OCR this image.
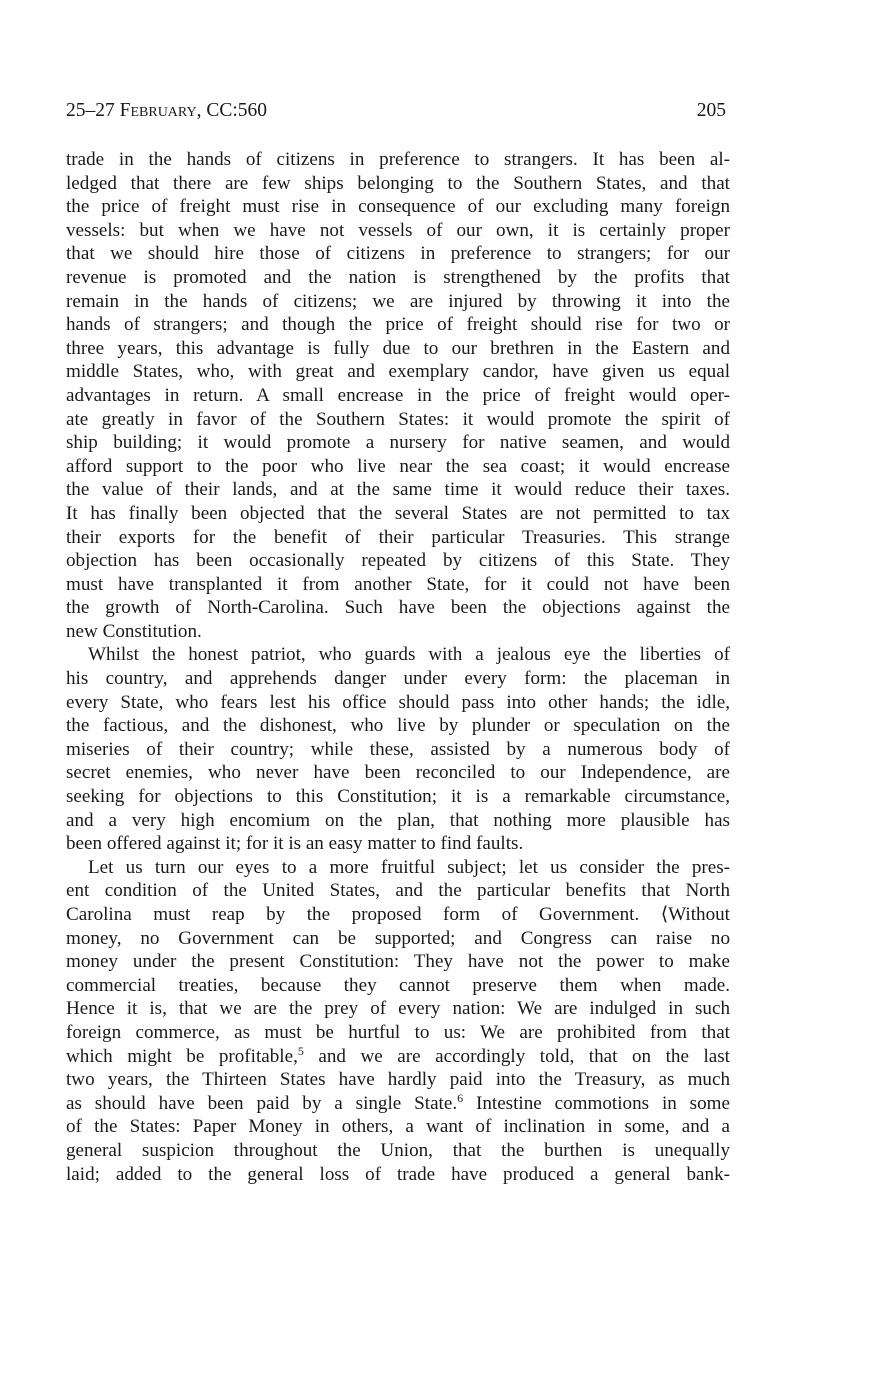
25–27 February, CC:560	205
trade in the hands of citizens in preference to strangers. It has been al-
ledged that there are few ships belonging to the Southern States, and that
the price of freight must rise in consequence of our excluding many foreign
vessels: but when we have not vessels of our own, it is certainly proper
that we should hire those of citizens in preference to strangers; for our
revenue is promoted and the nation is strengthened by the profits that
remain in the hands of citizens; we are injured by throwing it into the
hands of strangers; and though the price of freight should rise for two or
three years, this advantage is fully due to our brethren in the Eastern and
middle States, who, with great and exemplary candor, have given us equal
advantages in return. A small encrease in the price of freight would oper-
ate greatly in favor of the Southern States: it would promote the spirit of
ship building; it would promote a nursery for native seamen, and would
afford support to the poor who live near the sea coast; it would encrease
the value of their lands, and at the same time it would reduce their taxes.
It has finally been objected that the several States are not permitted to tax
their exports for the benefit of their particular Treasuries. This strange
objection has been occasionally repeated by citizens of this State. They
must have transplanted it from another State, for it could not have been
the growth of North-Carolina. Such have been the objections against the
new Constitution.
Whilst the honest patriot, who guards with a jealous eye the liberties of
his country, and apprehends danger under every form: the placeman in
every State, who fears lest his office should pass into other hands; the idle,
the factious, and the dishonest, who live by plunder or speculation on the
miseries of their country; while these, assisted by a numerous body of
secret enemies, who never have been reconciled to our Independence, are
seeking for objections to this Constitution; it is a remarkable circumstance,
and a very high encomium on the plan, that nothing more plausible has
been offered against it; for it is an easy matter to find faults.
Let us turn our eyes to a more fruitful subject; let us consider the pres-
ent condition of the United States, and the particular benefits that North
Carolina must reap by the proposed form of Government. ⟨Without
money, no Government can be supported; and Congress can raise no
money under the present Constitution: They have not the power to make
commercial treaties, because they cannot preserve them when made.
Hence it is, that we are the prey of every nation: We are indulged in such
foreign commerce, as must be hurtful to us: We are prohibited from that
which might be profitable,$^5$ and we are accordingly told, that on the last
two years, the Thirteen States have hardly paid into the Treasury, as much
as should have been paid by a single State.$^6$ Intestine commotions in some
of the States: Paper Money in others, a want of inclination in some, and a
general suspicion throughout the Union, that the burthen is unequally
laid; added to the general loss of trade have produced a general bank-
